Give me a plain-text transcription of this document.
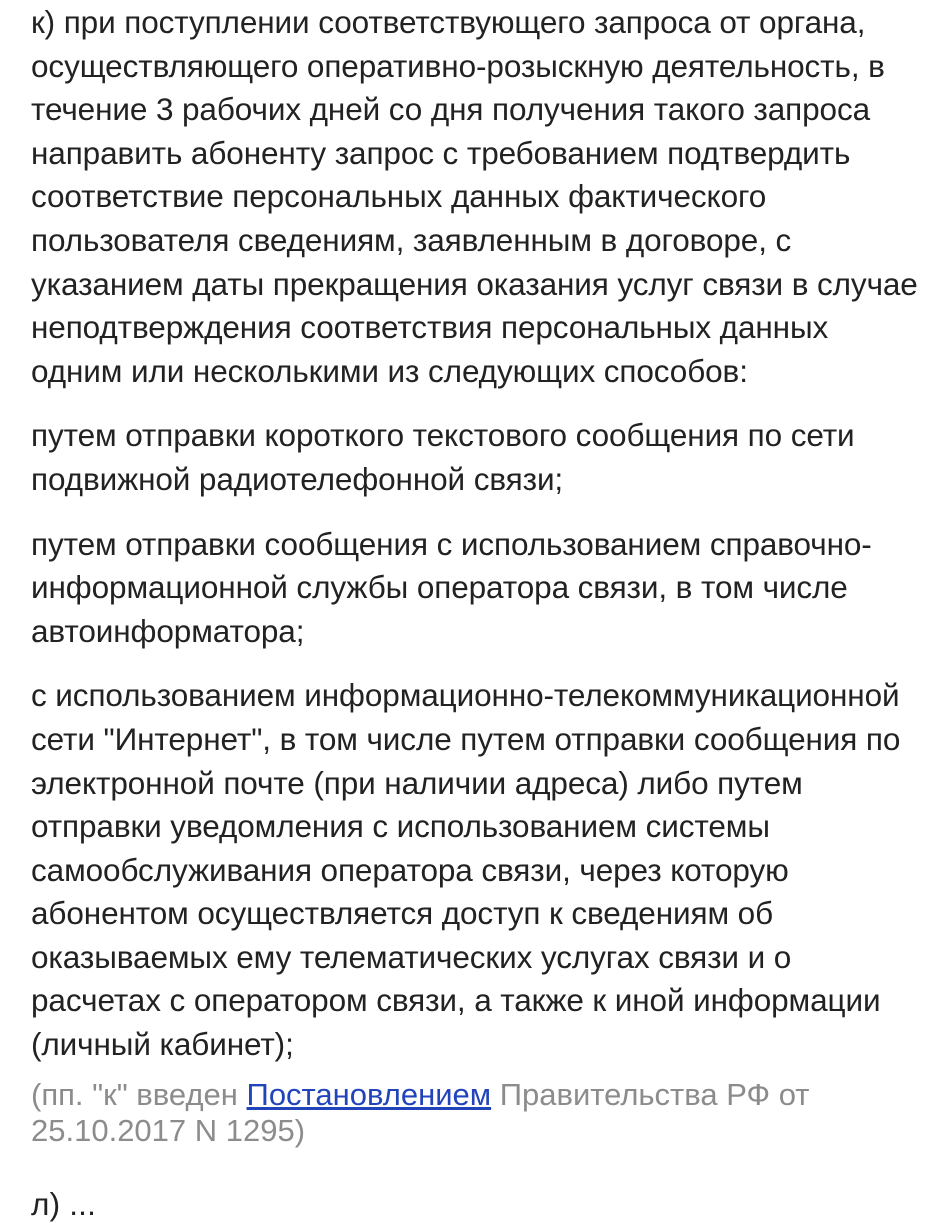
к) при поступлении соответствующего запроса от органа, осуществляющего оперативно-розыскную деятельность, в течение 3 рабочих дней со дня получения такого запроса направить абоненту запрос с требованием подтвердить соответствие персональных данных фактического пользователя сведениям, заявленным в договоре, с указанием даты прекращения оказания услуг связи в случае неподтверждения соответствия персональных данных одним или несколькими из следующих способов:

путем отправки короткого текстового сообщения по сети подвижной радиотелефонной связи;

путем отправки сообщения с использованием справочно-информационной службы оператора связи, в том числе автоинформатора;

с использованием информационно-телекоммуникационной сети "Интернет", в том числе путем отправки сообщения по электронной почте (при наличии адреса) либо путем отправки уведомления с использованием системы самообслуживания оператора связи, через которую абонентом осуществляется доступ к сведениям об оказываемых ему телематических услугах связи и о расчетах с оператором связи, а также к иной информации (личный кабинет);

(пп. "к" введен Постановлением Правительства РФ от 25.10.2017 N 1295)
л) ...
